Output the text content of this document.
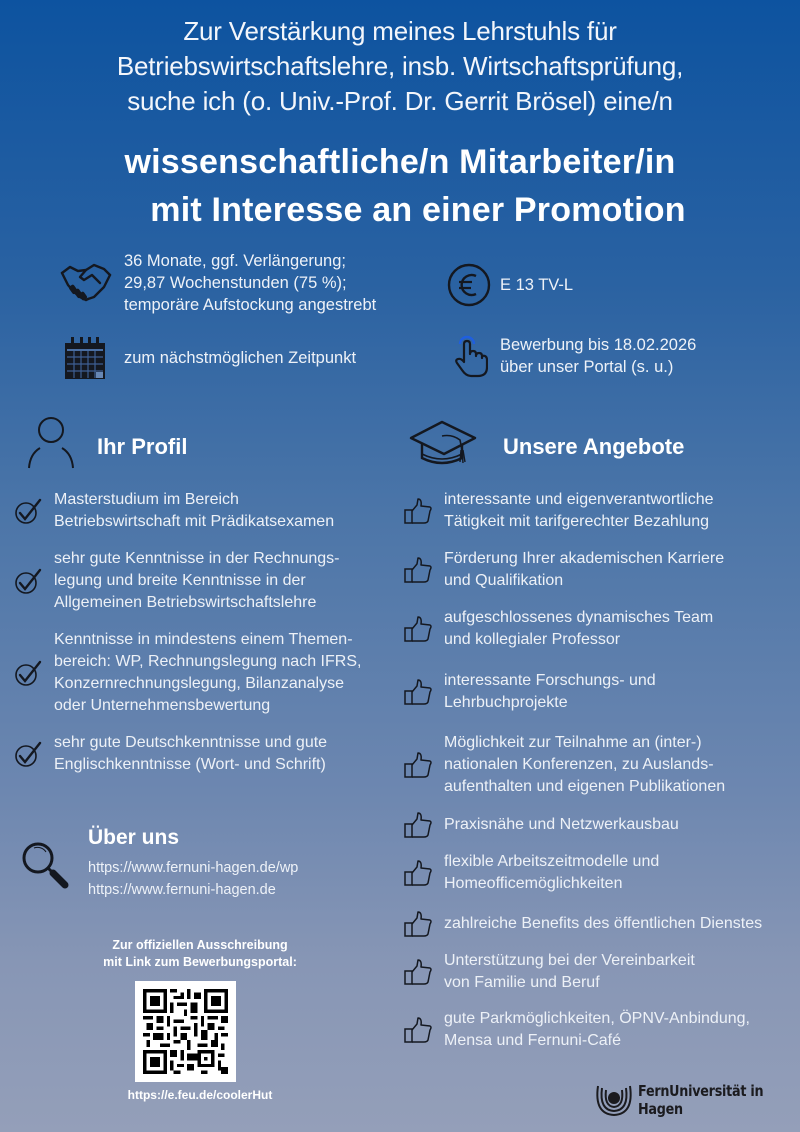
Zur Verstärkung meines Lehrstuhls für
Betriebswirtschaftslehre, insb. Wirtschaftsprüfung,
suche ich (o. Univ.-Prof. Dr. Gerrit Brösel) eine/n
wissenschaftliche/n Mitarbeiter/in
mit Interesse an einer Promotion
36 Monate, ggf. Verlängerung;
29,87 Wochenstunden (75 %);
temporäre Aufstockung angestrebt
E 13 TV-L
zum nächstmöglichen Zeitpunkt
Bewerbung bis 18.02.2026
über unser Portal (s. u.)
Ihr Profil	Unsere Angebote
Masterstudium im Bereich
Betriebswirtschaft mit Prädikatsexamen
sehr gute Kenntnisse in der Rechnungs-
legung und breite Kenntnisse in der
Allgemeinen Betriebswirtschaftslehre
Kenntnisse in mindestens einem Themen-
bereich: WP, Rechnungslegung nach IFRS,
Konzernrechnungslegung, Bilanzanalyse
oder Unternehmensbewertung
sehr gute Deutschkenntnisse und gute
Englischkenntnisse (Wort- und Schrift)
interessante und eigenverantwortliche
Tätigkeit mit tarifgerechter Bezahlung
Förderung Ihrer akademischen Karriere
und Qualifikation
aufgeschlossenes dynamisches Team
und kollegialer Professor
interessante Forschungs- und
Lehrbuchprojekte
Möglichkeit zur Teilnahme an (inter-)
nationalen Konferenzen, zu Auslands-
aufenthalten und eigenen Publikationen
Praxisnähe und Netzwerkausbau
flexible Arbeitszeitmodelle und
Homeofficemöglichkeiten
zahlreiche Benefits des öffentlichen Dienstes
Unterstützung bei der Vereinbarkeit
von Familie und Beruf
gute Parkmöglichkeiten, ÖPNV-Anbindung,
Mensa und Fernuni-Café
Über uns
https://www.fernuni-hagen.de/wp
https://www.fernuni-hagen.de
Zur offiziellen Ausschreibung
mit Link zum Bewerbungsportal:
https://e.feu.de/coolerHut	FernUniversität in Hagen
